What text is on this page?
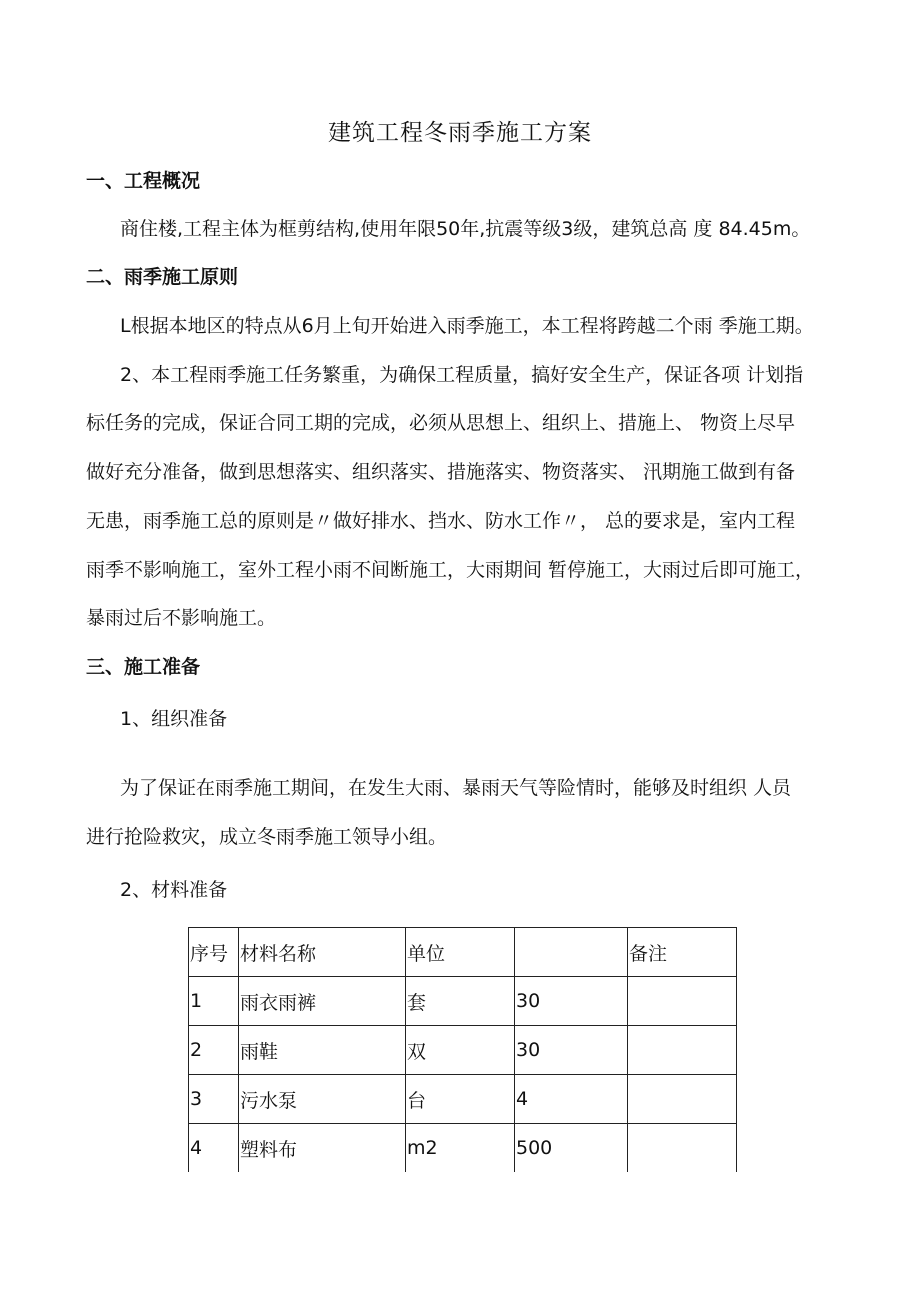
建筑工程冬雨季施工方案
一、工程概况

商住楼,工程主体为框剪结构,使用年限50年,抗震等级3级，建筑总高 度 84.45m。

二、雨季施工原则

L根据本地区的特点从6月上旬开始进入雨季施工，本工程将跨越二个雨 季施工期。

2、本工程雨季施工任务繁重，为确保工程质量，搞好安全生产，保证各项 计划指

标任务的完成，保证合同工期的完成，必须从思想上、组织上、措施上、 物资上尽早

做好充分准备，做到思想落实、组织落实、措施落实、物资落实、 汛期施工做到有备

无患，雨季施工总的原则是〃做好排水、挡水、防水工作〃， 总的要求是，室内工程

雨季不影响施工，室外工程小雨不间断施工，大雨期间 暂停施工，大雨过后即可施工，

暴雨过后不影响施工。

三、施工准备

1、组织准备

为了保证在雨季施工期间，在发生大雨、暴雨天气等险情时，能够及时组织 人员

进行抢险救灾，成立冬雨季施工领导小组。

2、材料准备

序号	材料名称	单位		备注
1	雨衣雨裤	套	30	
2	雨鞋	双	30	
3	污水泵	台	4	
4	塑料布	m2	500	
